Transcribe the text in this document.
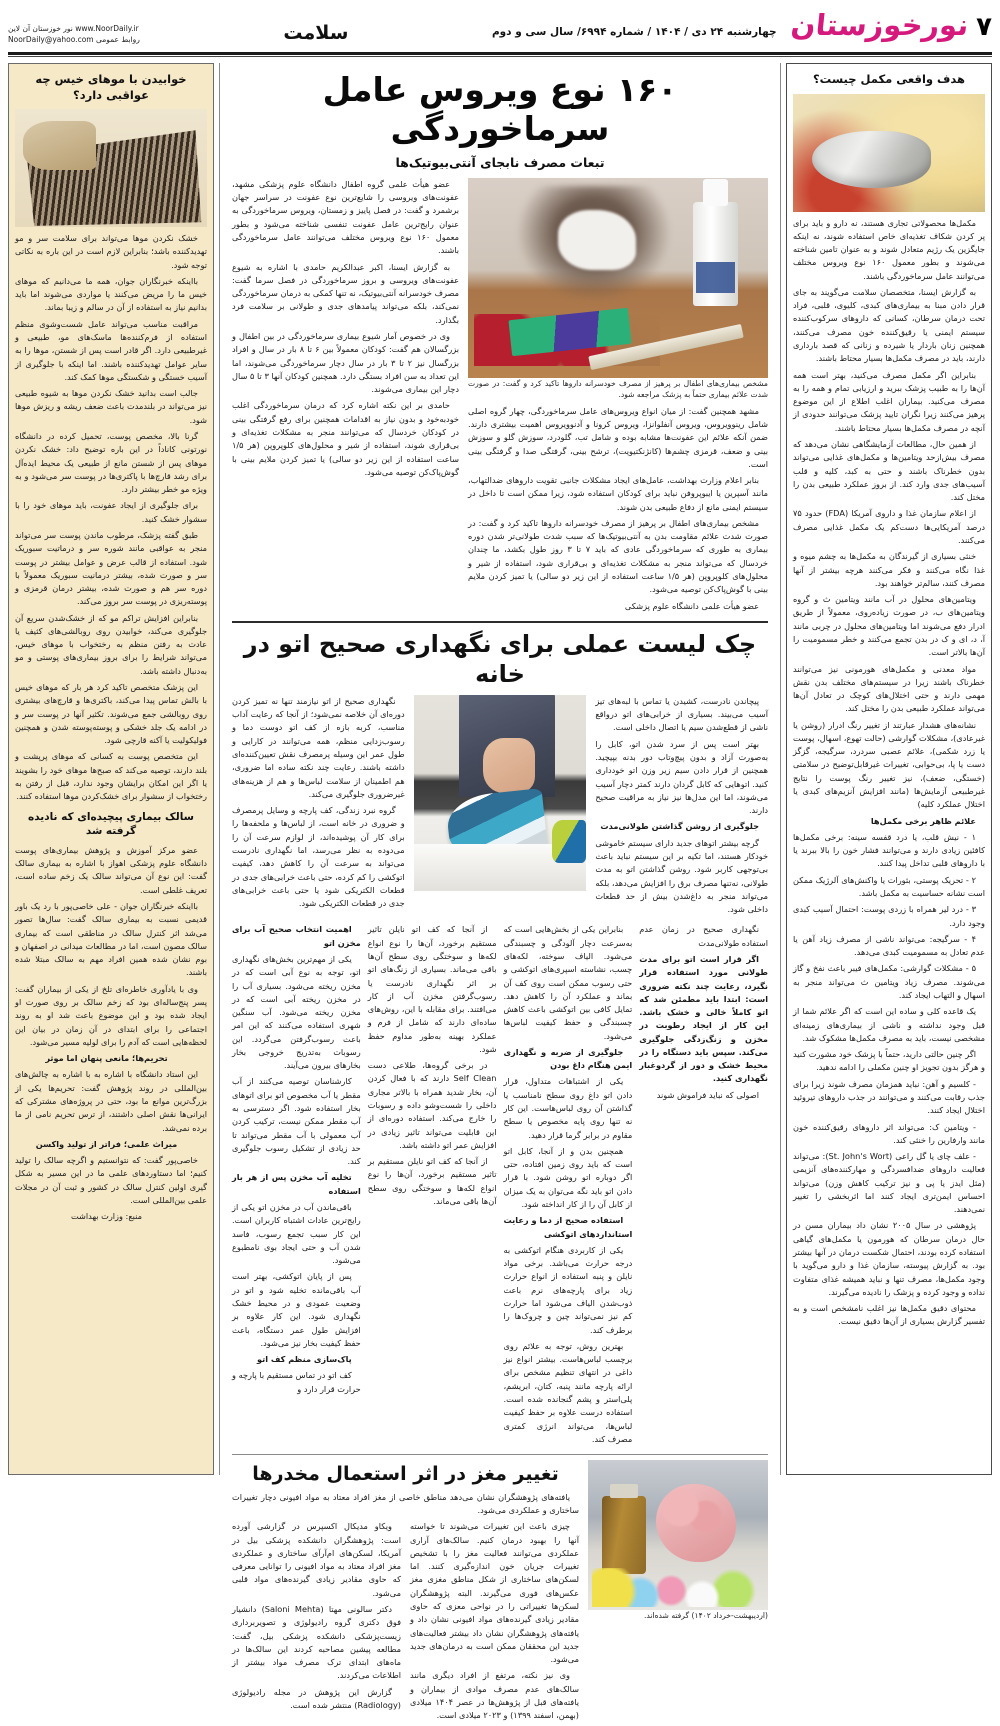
۷
نورخوزستان
چهارشنبه ۲۴ دی / ۱۴۰۴ / شماره ۶۹۹۴/ سال سی و دوم
سلامت
نور خوزستان آن لاین www.NoorDaily.ir
NoorDaily@yahoo.com روابط عمومی
هدف واقعی مکمل چیست؟

مکمل‌ها محصولاتی تجاری هستند، نه دارو و باید برای پر کردن شکاف تغذیه‌ای خاص استفاده شوند، نه اینکه جایگزین یک رژیم متعادل شوند و به عنوان تامین شناخته می‌شوند و بطور معمول ۱۶۰ نوع ویروس مختلف می‌توانند عامل سرماخوردگی باشند.

به گزارش ایسنا، متخصصان سلامت می‌گویند به جای قرار دادن مبنا به بیماری‌های کبدی، کلیوی، قلبی، فراد تحت درمان سرطان، کسانی که داروهای سرکوب‌کننده سیستم ایمنی یا رقیق‌کننده خون مصرف می‌کنند، همچنین زنان باردار یا شیرده و زنانی که قصد بارداری دارند، باید در مصرف مکمل‌ها بسیار محتاط باشند.

بنابراین اگر مکمل مصرف می‌کنید، بهتر است همه آن‌ها را به طبیب پزشک ببرید و ارزیابی تمام و همه را به مصرف می‌کنید. بیماران اغلب اطلاع از این موضوع پرهیز می‌کنند زیرا نگران تایید پزشک می‌توانند حدودی از آنچه در مصرف مکمل‌ها بسیار محتاط باشند.

از همین حال، مطالعات آزمایشگاهی نشان می‌دهد که مصرف بیش‌ازحد ویتامین‌ها و مکمل‌های غذایی می‌تواند بدون خطرناک باشند و حتی به کبد، کلیه و قلب آسیب‌های جدی وارد کند. از بروز عملکرد طبیعی بدن را مختل کند.

از اعلام سازمان غذا و داروی آمریکا (FDA) حدود ۷۵ درصد آمریکایی‌ها دست‌کم یک مکمل غذایی مصرف می‌کنند.

خنثی بسیاری از گیرندگان به مکمل‌ها به چشم میوه و غذا نگاه می‌کنند و فکر می‌کنند هرچه بیشتر از آنها مصرف کنند، سالم‌تر خواهند بود.

ویتامین‌های محلول در آب مانند ویتامین ث و گروه ویتامین‌های ب، در صورت زیاده‌روی، معمولاً از طریق ادرار دفع می‌شوند اما ویتامین‌های محلول در چربی مانند آ، د، ای و ک در بدن تجمع می‌کنند و خطر مسمومیت را آن‌ها بالاتر است.

مواد معدنی و مکمل‌های هورمونی نیز می‌توانند خطرناک باشند زیرا در سیستم‌های مختلف بدن نقش مهمی دارند و حتی اختلال‌های کوچک در تعادل آن‌ها می‌تواند عملکرد طبیعی بدن را مختل کند.

نشانه‌های هشدار عبارتند از تغییر رنگ ادرار (روشن یا غیرعادی)، مشکلات گوارشی (حالت تهوع، اسهال، پوست یا زرد شکمی)، علائم عصبی سردرد، سرگیجه، گزگز دست یا پا، بی‌حوابی، تغییرات غیرقابل‌توضیح در سلامتی (خستگی، ضعف)، نیز تغییر رنگ پوست را نتایج غیرطبیعی آزمایش‌ها (مانند افزایش آنزیم‌های کبدی یا اختلال عملکرد کلیه)

علائم ظاهر برخی مکمل‌ها

۱ - نیش قلب، یا درد قفسه سینه: برخی مکمل‌ها کافئین زیادی دارند و می‌توانند فشار خون را بالا ببرند یا با داروهای قلبی تداخل پیدا کنند.

۲ - تحریک پوستی، بثورات یا واکنش‌های آلرژیک ممکن است نشانه حساسیت به مکمل باشد.

۳ - درد لیر همراه با زردی پوست: احتمال آسیب کبدی وجود دارد.

۴ - سرگیجه: می‌تواند ناشی از مصرف زیاد آهن یا عدم تعادل به مسمومیت کبدی می‌دهد.

۵ - مشکلات گوارشی: مکمل‌های فیبر باعث نفخ و گاز می‌شوند. مصرف زیاد ویتامین ث می‌تواند منجر به اسهال و التهاب ایجاد کند.

یک قاعده کلی و ساده این است که اگر علائم شما از قبل وجود نداشته و ناشی از بیماری‌های زمینه‌ای مشخصی نیست، باید به مصرف مکمل‌ها مشکوک شد.

اگر چنین حالتی دارید، حتماً با پزشک خود مشورت کنید و هرگز بدون تجویز او چنین مکملی را ادامه ندهید.

- کلسیم و آهن: نباید همزمان مصرف شوند زیرا برای جذب رقابت می‌کنند و می‌توانند در جذب داروهای تیروئید اختلال ایجاد کنند.

- ویتامین ک: می‌تواند اثر داروهای رقیق‌کننده خون مانند وارفارین را خنثی کند.

- علف چای یا گل راعی (St. John's Wort): می‌تواند فعالیت داروهای ضدافسردگی و مهارکننده‌های آنزیمی (مثل ایدز یا پی و نیز ترکیب کاهش وزن) می‌تواند احساس ایمن‌تری ایجاد کنند اما اثربخشی را تغییر نمی‌دهند.

پژوهشی در سال ۲۰۰۵ نشان داد بیماران مسن در حال درمان سرطان که هورمون یا مکمل‌های گیاهی استفاده کرده بودند، احتمال شکست درمان در آنها بیشتر بود. به گزارش پیوسته، سازمان غذا و دارو می‌گوید با وجود مکمل‌ها، مصرف تنها و نباید همیشه غذای متفاوت نداده و وجود کرده و پزشک را نادیده می‌گیرند.

محتوای دقیق مکمل‌ها نیز اغلب نامشخص است و به تفسیر گزارش بسیاری از آن‌ها دقیق نیست.

۱۶۰ نوع ویروس عامل سرماخوردگی
تبعات مصرف نابجای آنتی‌بیوتیک‌ها
مشخص بیماری‌های اطفال بر پرهیز از مصرف خودسرانه داروها تاکید کرد و گفت: در صورت شدت علائم بیماری حتماً به پزشک مراجعه شود.

مشهد همچنین گفت: از میان انواع ویروس‌های عامل سرماخوردگی، چهار گروه اصلی شامل رینوویروس، ویروس آنفلوانزا، ویروس کرونا و آدنوویروس اهمیت بیشتری دارند. ضمن آنکه علائم این عفونت‌ها مشابه بوده و شامل تب، گلودرد، سوزش گلو و سوزش بینی و ضعف، قرمزی چشم‌ها (کانژنکتیویت)، ترشح بینی، گرفتگی صدا و گرفتگی بینی است.

بنابر اعلام وزارت بهداشت، عامل‌های ایجاد مشکلات جانبی تقویت داروهای ضدالتهاب، مانند آسپرین یا ایبوپروفن نباید برای کودکان استفاده شود، زیرا ممکن است تا داخل در سیستم ایمنی مانع از دفاع طبیعی بدن شوند.

مشخص بیماری‌های اطفال بر پرهیز از مصرف خودسرانه داروها تاکید کرد و گفت: در صورت شدت علائم مقاومت بدن به آنتی‌بیوتیک‌ها که سبب شدت طولانی‌تر شدن دوره بیماری به طوری که سرماخوردگی عادی که باید ۷ تا ۳ روز طول بکشد، ما چندان خردسال که می‌تواند منجر به مشکلات تغذیه‌ای و بی‌قراری شود، استفاده از شیر و محلول‌های کلوپروپن (هر ۱/۵ ساعت استفاده از این زیر دو سالی) یا تمیز کردن ملایم بینی با گوش‌پاک‌کن توصیه می‌شود.

عضو هیأت علمی دانشگاه علوم پزشکی

عضو هیأت علمی گروه اطفال دانشگاه علوم پزشکی مشهد، عفونت‌های ویروسی را شایع‌ترین نوع عفونت در سراسر جهان برشمرد و گفت: در فصل پاییز و زمستان، ویروس سرماخوردگی به عنوان رایج‌ترین عامل عفونت تنفسی شناخته می‌شود و بطور معمول ۱۶۰ نوع ویروس مختلف می‌توانند عامل سرماخوردگی باشند.

به گزارش ایسنا، اکبر عبدالکریم حامدی با اشاره به شیوع عفونت‌های ویروسی و بروز سرماخوردگی در فصل سرما گفت: مصرف خودسرانه آنتی‌بیوتیک، نه تنها کمکی به درمان سرماخوردگی نمی‌کند، بلکه می‌تواند پیامدهای جدی و طولانی بر سلامت فرد بگذارد.

وی در خصوص آمار شیوع بیماری سرماخوردگی در بین اطفال و بزرگسالان هم گفت: کودکان معمولاً بین ۶ تا ۸ بار در سال و افراد بزرگسال نیز ۲ تا ۳ بار در سال دچار سرماخوردگی می‌شوند، اما این تعداد به سن افراد بستگی دارد. همچنین کودکان آنها ۳ تا ۵ سال دچار این بیماری می‌شوند.

حامدی بر این نکته اشاره کرد که درمان سرماخوردگی اغلب خودبه‌خود و بدون نیاز به اقدامات همچنین برای رفع گرفتگی بینی در کودکان خردسال که می‌توانند منجر به مشکلات تغذیه‌ای و بی‌قراری شوند، استفاده از شیر و محلول‌های کلوپروپن (هر ۱/۵ ساعت استفاده از این زیر دو سالی) یا تمیز کردن ملایم بینی با گوش‌پاک‌کن توصیه می‌شود.

چک لیست عملی برای نگهداری صحیح اتو در خانه

پیچاندن نادرست، کشیدن یا تماس با لبه‌های تیز آسیب می‌بیند. بسیاری از خرابی‌های اتو درواقع ناشی از قطع‌شدن سیم یا اتصال داخلی است.

بهتر است پس از سرد شدن اتو، کابل را به‌صورت آزاد و بدون پیچ‌وتاب دور بدنه بپیچید. همچنین از قرار دادن سیم زیر وزن اتو خودداری کنید. اتوهایی که کابل گردان دارند کمتر دچار آسیب می‌شوند، اما این مدل‌ها نیز نیاز به مراقبت صحیح دارند.

جلوگیری از روشن گذاشتن طولانی‌مدت

گرچه بیشتر اتوهای جدید دارای سیستم خاموشی خودکار هستند، اما تکیه بر این سیستم نباید باعث بی‌توجهی کاربر شود. روشن گذاشتن اتو به مدت طولانی، نه‌تنها مصرف برق را افزایش می‌دهد، بلکه می‌تواند منجر به داغ‌شدن بیش از حد قطعات داخلی شود.

نگهداری صحیح از اتو نیازمند تنها نه تمیز کردن دوره‌ای آن خلاصه نمی‌شود؛ از آنجا که رعایت آداب مناسب، کربه بازه از کف اتو دوست دما و رسوب‌زدایی منظم، همه می‌توانند در کارایی و طول عمر این وسیله پرمصرف نقش تعیین‌کننده‌ای داشته باشند. رعایت چند نکته ساده اما ضروری، هم اطمینان از سلامت لباس‌ها و هم از هزینه‌های غیرضروری جلوگیری می‌کند.

گروه نبرد زندگی، کف پارچه و وسایل پرمصرف و ضروری در خانه است، از لباس‌ها و ملحفه‌ها را برای کار آن پوشیده‌اند، از لوازم سرعت آن را می‌دوده به نظر می‌رسد، اما نگهداری نادرست می‌تواند به سرعت آن را کاهش دهد، کیفیت اتوکشی را کم کرده، حتی باعث خرابی‌های جدی در قطعات الکتریکی شود یا حتی باعث خرابی‌های جدی در قطعات الکتریکی شود.

نگهداری صحیح در زمان عدم استفاده طولانی‌مدت

اگر قرار است اتو برای مدت طولانی مورد استفاده قرار نگیرد، رعایت چند نکته ضروری است: ابتدا باید مطمئن شد که اتو کاملاً خالی و خشک باشد. این کار از ایجاد رطوبت در مخزن و زنگ‌زدگی جلوگیری می‌کند. سپس باید دستگاه را در محیط خشک و دور از گردوغبار نگهداری کنید.

اصولی که نباید فراموش شوند

بنابراین یکی از بخش‌هایی است که به‌سرعت دچار آلودگی و چسبندگی می‌شود. الیاف سوخته، لکه‌های چسب، نشاسته اسپری‌های اتوکشی و حتی رسوب ممکن است روی کف آن بماند و عملکرد آن را کاهش دهد. تمایل کافی بین اتوکشی باعث کاهش چسبندگی و حفظ کیفیت لباس‌ها می‌شود.

جلوگیری از ضربه و نگهداری ایمن هنگام داغ بودن

یکی از اشتباهات متداول، قرار دادن اتو داغ روی سطح نامناسب یا گذاشتن آن روی لباس‌هاست. این کار نه تنها روی پایه مخصوص یا سطح مقاوم در برابر گرما قرار دهید.

همچنین بدن و از آنجا، کابل اتو است که باید روی زمین افتاده، حتی اگر دوباره اتو روشن شود. با قرار دادن اتو باید نگه می‌توان به یک میزان از کابل آن را از کار انداخته شود.

استفاده صحیح از دما و رعایت استانداردهای اتوکشی

یکی از کاربردی هنگام اتوکشی به درجه حرارت می‌باشد. برخی مواد نایلن و پنبه استفاده از انواع حرارت زیاد برای پارچه‌های نرم باعث ذوب‌شدن الیاف می‌شود اما حرارت کم نیز نمی‌تواند چین و چروک‌ها را برطرف کند.

بهترین روش، توجه به علائم روی برچسب لباس‌هاست. بیشتر انواع نیز داغی در انتهای تنظیم مشخص برای ارائه پارچه مانند پنبه، کتان، ابریشم، پلی‌استر و پشم گنجانده شده است. استفاده درست علاوه بر حفظ کیفیت لباس‌ها، می‌تواند انرژی کمتری مصرف کند.

از آنجا که کف اتو نایلن تاثیر مستقیم برخورد، آن‌ها را نوع انواع لکه‌ها و سوختگی روی سطح آن‌ها باقی می‌ماند. بسیاری از زنگ‌های اتو بر اثر نگهداری نادرست یا رسوب‌گرفتن مخزن آب از کار می‌افتند. برای مقابله با این، روش‌های ساده‌ای دارند که شامل از فرم و عملکرد بهینه به‌طور مداوم حفظ شود.

در برخی گروه‌ها، طلاعی دست Self Clean دارند که با فعال کردن آن، بخار شدید همراه با بالاتر مجاری داخلی را شست‌وشو داده و رسوبات را خارج می‌کند. استفاده دوره‌ای از این قابلیت می‌تواند تاثیر زیادی در افزایش عمر اتو داشته باشد.

از آنجا که کف اتو نایلن مستقیم بر تاثیر مستقیم برخورد، آن‌ها را نوع انواع لکه‌ها و سوختگی روی سطح آن‌ها باقی می‌ماند.

اهمیت انتخاب صحیح آب برای مخزن اتو

یکی از مهم‌ترین بخش‌های نگهداری اتو، توجه به نوع آبی است که در مخزن ریخته می‌شود. بسیاری آب را در مخزن ریخته آبی است که در مخزن ریخته می‌شود. آب سنگین شهری استفاده می‌کنند که این امر باعث رسوب‌گرفتن می‌گردد. این رسوبات به‌تدریج خروجی بخار بخارهای بیرون می‌آیند.

کارشناسان توصیه می‌کنند از آب مقطر یا آب مخصوص اتو برای اتوهای بخار استفاده شود. اگر دسترسی به آب مقطر ممکن نیست، ترکیب کردن آب معمولی با آب مقطر می‌تواند تا حد زیادی از تشکیل رسوب جلوگیری کند.

تخلیه آب مخزن پس از هر بار استفاده

باقی‌ماندن آب در مخزن اتو یکی از رایج‌ترین عادات اشتباه کاربران است. این کار سبب تجمع رسوب، فاسد شدن آب و حتی ایجاد بوی نامطبوع می‌شود.

پس از پایان اتوکشی، بهتر است آب باقی‌مانده تخلیه شود و اتو در وضعیت عمودی و در محیط خشک نگهداری شود. این کار علاوه بر افزایش طول عمر دستگاه، باعث حفظ کیفیت بخار نیز می‌شود.

پاک‌سازی منظم کف اتو

کف اتو در تماس مستقیم با پارچه و حرارت قرار دارد و

(اردیبهشت-خرداد ۱۴۰۲) گرفته شده‌اند.
تغییر مغز در اثر استعمال مخدرها

یافته‌های پژوهشگران نشان می‌دهد مناطق خاصی از مغز افراد معتاد به مواد افیونی دچار تغییرات ساختاری و عملکردی می‌شود.

چیزی باعث این تغییرات می‌شوند تا خواسته آنها را بهبود درمان کنیم. سالک‌های آراری عملکردی می‌توانند فعالیت مغز را با تشخیص تغییرات جریان خون اندازه‌گیری کنند. اما لسکن‌های ساختاری از شکل مناطق مغزی مغز عکس‌های فوری می‌گیرند. البته پژوهشگران لسکن‌ها تغییراتی را در نواحی معزی که حاوی مقادیر زیادی گیرنده‌های مواد افیونی نشان داد و یافته‌های پژوهشگران نشان داد بیشتر فعالیت‌های جدید این محققان ممکن است به درمان‌های جدید می‌شود.

وی نیز نکته، مرتفع از افراد دیگری مانند سالک‌های عدم مصرف موادی از بیماران و یافته‌های قبل از پژوهش‌ها در عصر ۱۴۰۴ میلادی (بهمن، اسفند ۱۳۹۹) و ۲۰۲۳ میلادی است.

ویکاو مدیکال اکسپرس در گزارشی آورده است: پژوهشگران دانشکده پزشکی بیل در آمریکا، لسکن‌های ام‌آرآی ساختاری و عملکردی مغز افراد معتاد به مواد افیونی را توانایی معرفی که حاوی مقادیر زیادی گیرنده‌های مواد قلبی می‌شود.

دکتر سالونی مهتا (Saloni Mehta) دانشیار فوق دکتری گروه رادیولوژی و تصویربرداری زیست‌پزشکی دانشکده پزشکی بیل، گفت: مطالعه پیشین مصاحبه کردند این سالک‌ها در ماه‌های ابتدای ترک مصرف مواد بیشتر از اطلاعات می‌کردند.

گزارش این پژوهش در مجله رادیولوژی (Radiology) منتشر شده است.

خوابیدن با موهای خیس چه عواقبی دارد؟

خشک نکردن موها می‌تواند برای سلامت سر و مو تهدیدکننده باشد؛ بنابراین لازم است در این باره به نکاتی توجه شود.

بااینکه خبرنگاران جوان، همه ما می‌دانیم که موهای خیس ما را مریض می‌کنند یا مواردی می‌شوند اما باید بدانیم نیاز به استفاده از آن در سالم و زیبا بماند.

مراقبت مناسب می‌تواند عامل شست‌وشوی منظم استفاده از فرم‌کننده‌ها ماسک‌های مو، طبیعی و غیرطبیعی دارد. اگر قادر است پس از شستن، موها را به سایر عوامل تهدیدکننده باشند. اما اینکه با جلوگیری از آسیب خستگی و شکستگی موها کمک کند.

جالب است بدانید خشک نکردن موها به شیوه طبیعی نیز می‌تواند در بلندمدت باعث ضعف ریشه و ریزش موها شود.

گرنا بالا، مخصص پوست، تحمیل کرده در دانشگاه نورتونی کاناداً در این باره توضیح داد: خشک نکردن موهای پس از شستن مانع از طبیعی یک محیط ایده‌آل برای رشد قارچ‌ها با پاکتری‌ها در پوست سر می‌شود و به ویژه مو خطر بیشتر دارد.

برای جلوگیری از ایجاد عفونت، باید موهای خود را با سشوار خشک کنید.

طبق گفته پزشک، مرطوب ماندن پوست سر می‌تواند منجر به عواقبی مانند شوره سر و درماتیت سبوریک شود. استفاده از قالب عرض و عوامل بیشتر در پوست سر و صورت شده، بیشتر درمانیت سبوریک معمولاً با دوره سر هم و صورت شده، بیشتر درمان قرمزی و پوسته‌ریزی در پوست سر بروز می‌کند.

بنابراین افزایش تراکم مو که از خشک‌شدن سریع آن جلوگیری می‌کند، خوابیدن روی روبالشی‌های کثیف یا عادت به رفتن منظم به رختخواب با موهای خیس، می‌تواند شرایط را برای بروز بیماری‌های پوستی و مو به‌دنبال داشته باشد.

این پزشک متخصص تاکید کرد هر بار که موهای خیس با بالش تماس پیدا می‌کند، باکتری‌ها و قارچ‌های بیشتری روی روبالشی جمع می‌شوند. تکثیر آنها در پوست سر و در ادامه یک جلد خشکی و پوسته‌پوسته شدن و همچنین فولیکولیت یا آکنه قارچی شود.

این متخصص پوست به کسانی که موهای پرپشت و بلند دارند، توصیه می‌کند که صبح‌ها موهای خود را بشویند یا اگر این امکان برایشان وجود ندارد، قبل از رفتن به رختخواب از سشوار برای خشک‌کردن موها استفاده کنند.

سالک بیماری پیچیده‌ای که نادیده گرفته شد

عضو مرکز آموزش و پژوهش بیماری‌های پوست دانشگاه علوم پزشکی اهواز با اشاره به بیماری سالک گفت: این نوع آن می‌تواند سالک یک زخم ساده است، تعریف غلطی است.

بااینکه خبرنگاران جوان - علی خاصی‌پور با رد یک باور قدیمی نسبت به بیماری سالک گفت: سال‌ها تصور می‌شد اثر کنترل سالک در مناطقی است که بیماری سالک مصون است، اما در مطالعات میدانی در اصفهان و بوم نشان شده همین افراد مهم به سالک مبتلا شده باشند.

وی با یادآوری خاطره‌ای تلخ از یکی از بیماران گفت: پسر پنج‌ساله‌ای بود که زخم سالک بر روی صورت او ایجاد شده بود و این موضوع باعث شد او به روند اجتماعی را برای ابتدای در آن زمان در بیان این لحظه‌هایی است که آدم را برای لولیه مسیر می‌شود.

تحریم‌ها؛ مانعی پنهان اما موثر

این استاد دانشگاه با اشاره به با اشاره به چالش‌های بین‌المللی در روند پژوهش گفت: تحریم‌ها یکی از بزرگ‌ترین موانع ما بود، حتی در پروژه‌های مشترکی که ایرانی‌ها نقش اصلی داشتند، از ترس تحریم نامی از ما برده نمی‌شد.

میراث علمی؛ فراتر از تولید واکسن

خاصی‌پور گفت: که نتوانستیم و اگرچه سالک را تولید کنیم؛ اما دستاوردهای علمی ما در این مسیر به شکل گیری اولین کنترل سالک در کشور و ثبت آن در مجلات علمی بین‌المللی است.

منبع: وزارت بهداشت
